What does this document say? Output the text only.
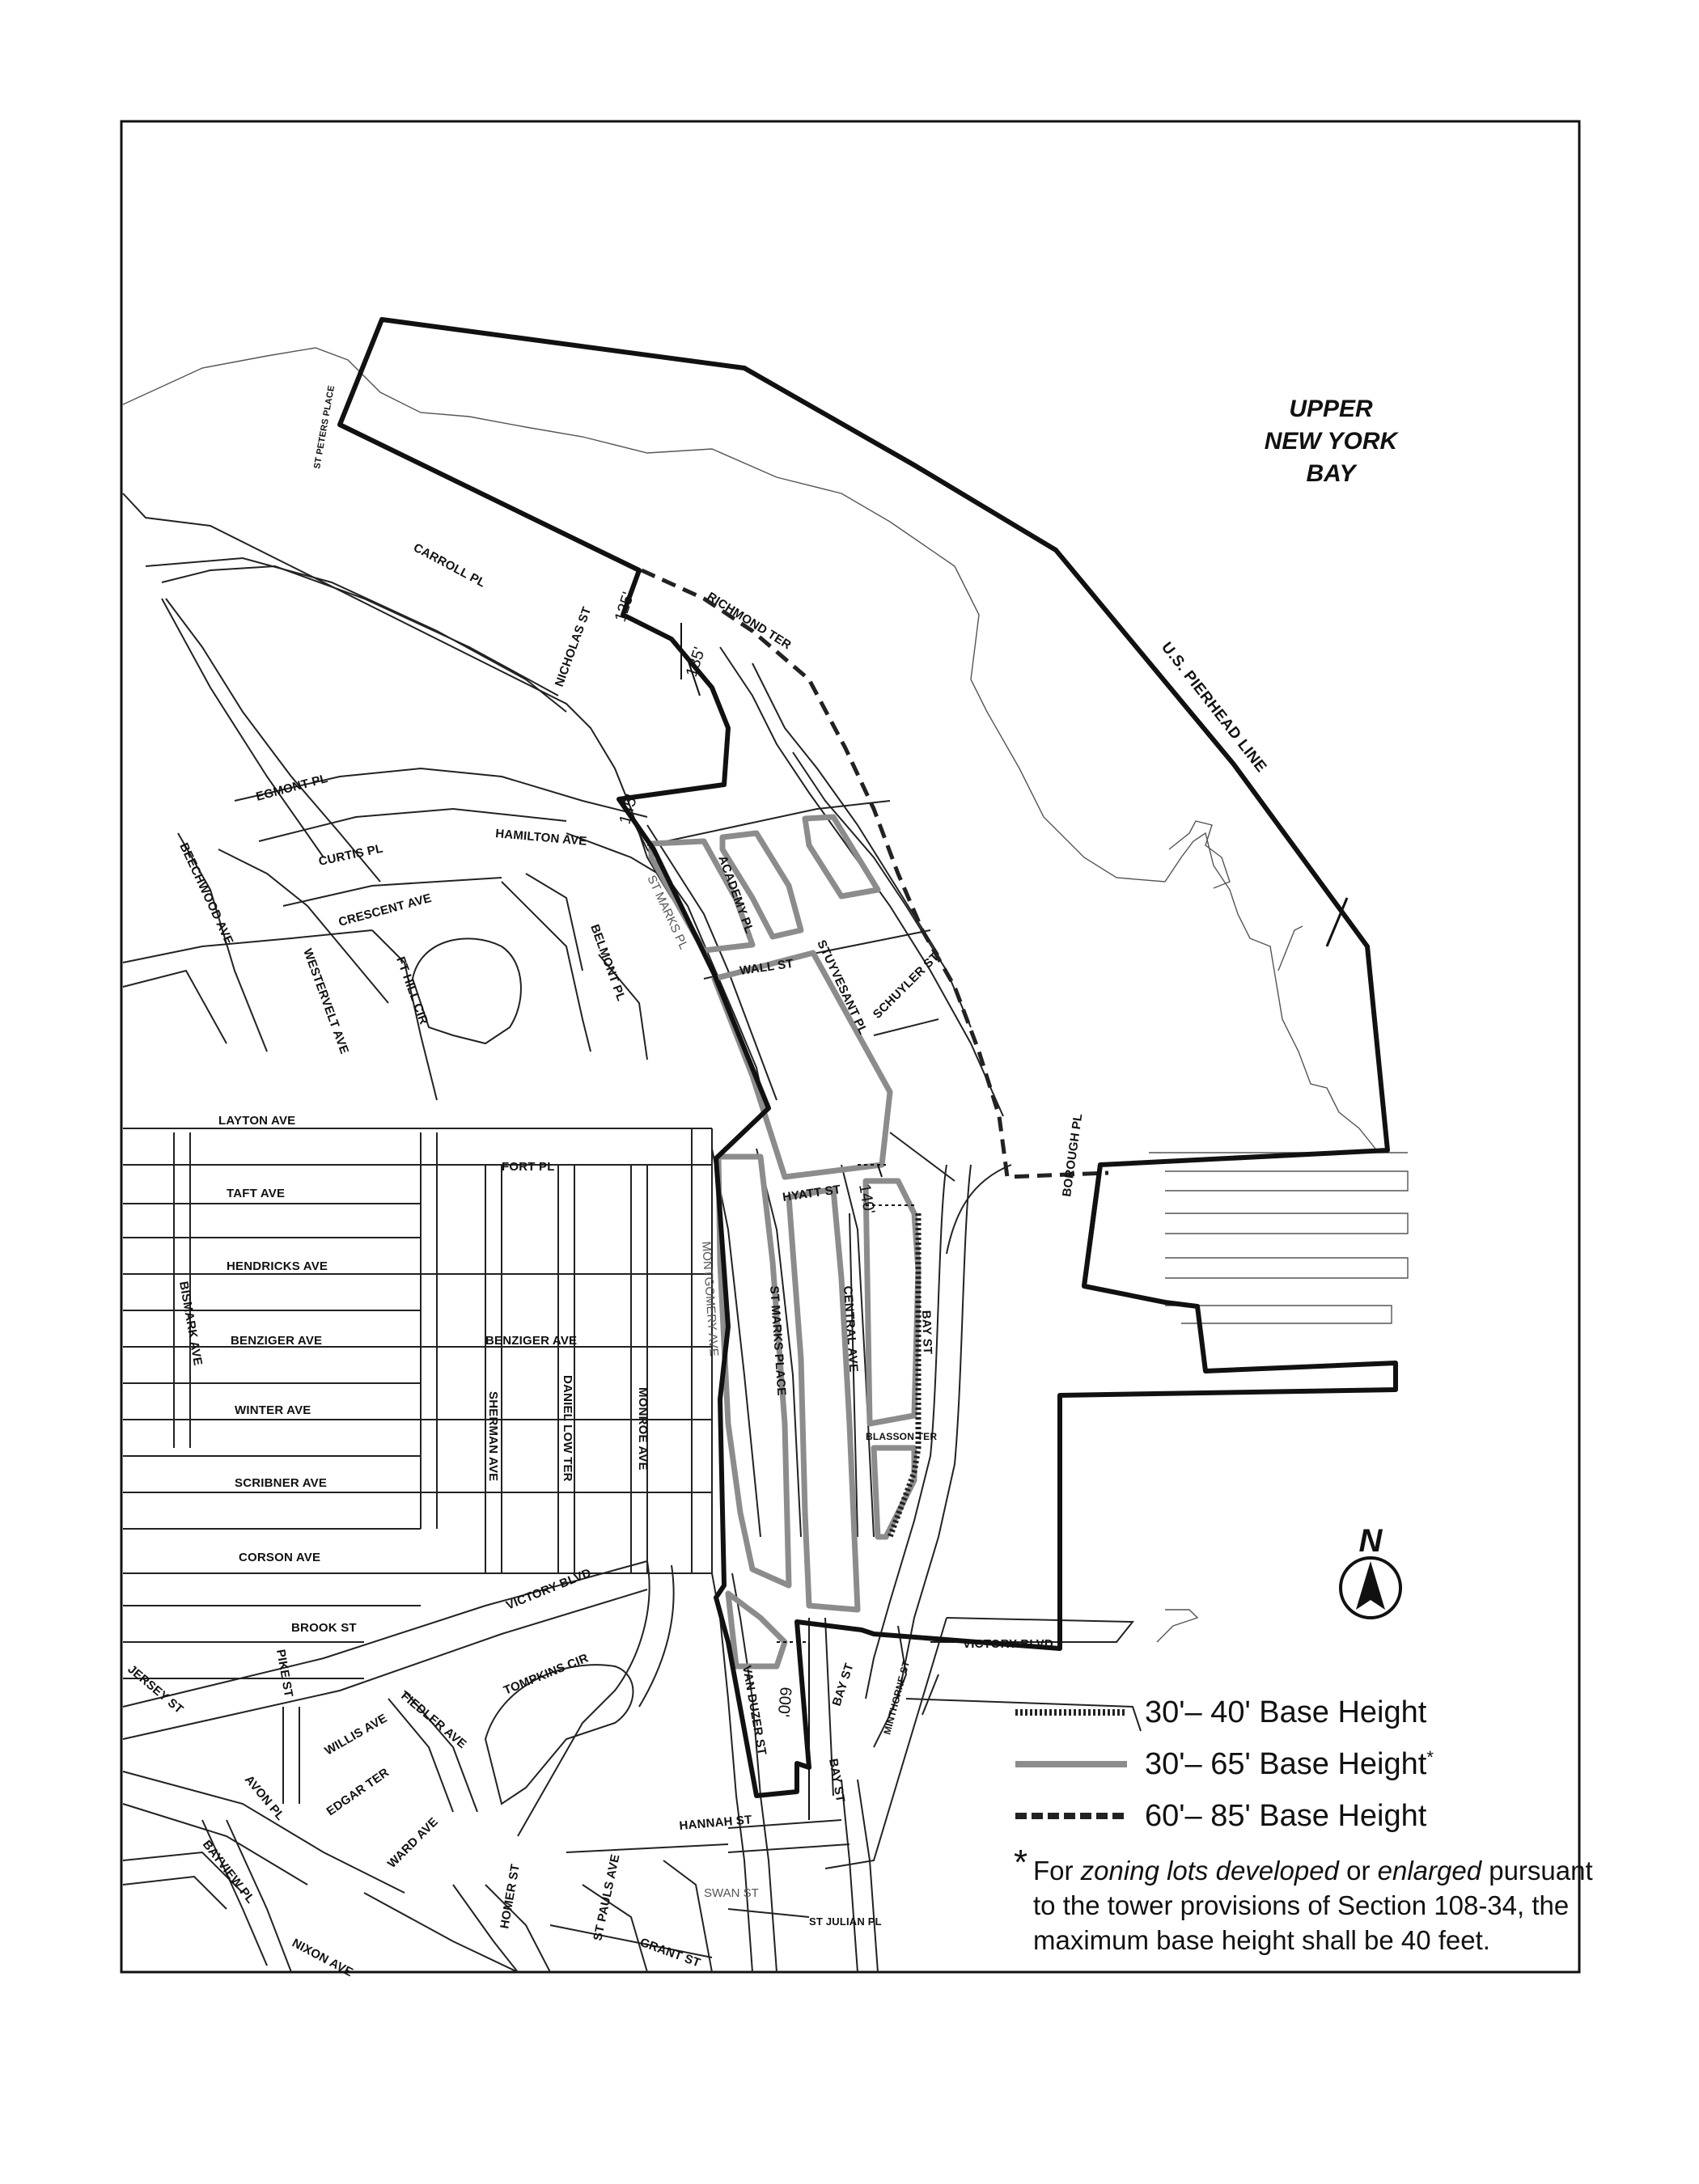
UPPER
NEW YORK
BAY
U.S. PIERHEAD LINE
ST PETERS PLACE
CARROLL PL
NICHOLAS ST	RICHMOND TER
EGMONT PL
CURTIS PL
HAMILTON AVE
BEECHWOOD AVE	CRESCENT AVE
WESTERVELT AVE	FT HILL CIR	BELMONT PL
ST MARKS PL ACADEMY PL
WALL ST STUYVESANT PL SCHUYLER ST
LAYTON AVE
FORT PL
TAFT AVE	HYATT ST
HENDRICKS AVE
BISMARK AVE	MONTGOMERY AVE	ST MARKS PLACE	CENTRAL AVE	BAY ST
BOROUGH PL
BENZIGER AVE	BENZIGER AVE
SHERMAN AVE	DANIEL LOW TER	MONROE AVE
WINTER AVE
BLASSON TER
SCRIBNER AVE
CORSON AVE
VICTORY BLVD
VICTORY BLVD
BROOK ST
TOMPKINS CIR
PIKE ST	VAN DUZER ST	BAY ST
BAY ST
MINTHORNE ST
JERSEY ST
WILLIS AVE FIEDLER AVE
AVON PL	EDGAR TER
WARD AVE
BAYVIEW PL
HANNAH ST
SWAN ST
HOMER ST	ST PAULS AVE
GRANT ST
ST JULIAN PL
NIXON AVE
125'
185'
145'
140'
600'
N
30'– 40' Base Height
30'– 65' Base Height*
60'– 85' Base Height
* For zoning lots developed or enlarged pursuant to the tower provisions of Section 108-34, the maximum base height shall be 40 feet.
